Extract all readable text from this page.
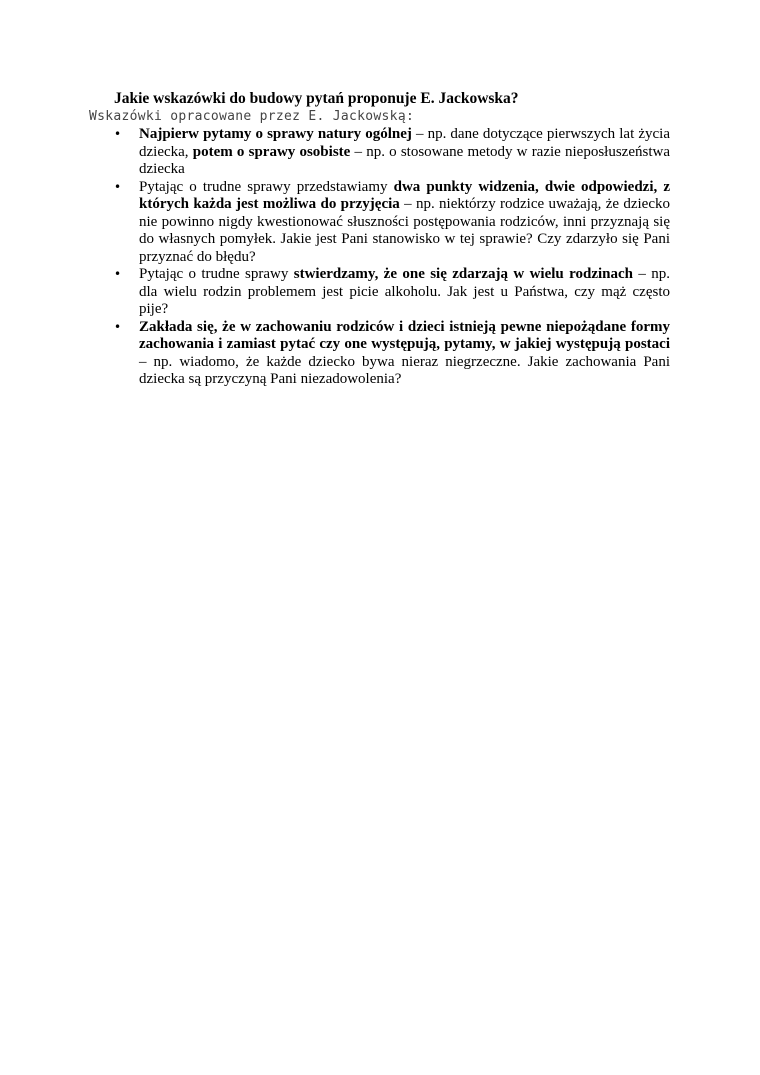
Jakie wskazówki do budowy pytań proponuje E. Jackowska?
Wskazówki opracowane przez E. Jackowską:
• Najpierw pytamy o sprawy natury ogólnej – np. dane dotyczące pierwszych lat życia dziecka, potem o sprawy osobiste – np. o stosowane metody w razie nieposłuszeństwa dziecka
• Pytając o trudne sprawy przedstawiamy dwa punkty widzenia, dwie odpowiedzi, z których każda jest możliwa do przyjęcia – np. niektórzy rodzice uważają, że dziecko nie powinno nigdy kwestionować słuszności postępowania rodziców, inni przyznają się do własnych pomyłek. Jakie jest Pani stanowisko w tej sprawie? Czy zdarzyło się Pani przyznać do błędu?
• Pytając o trudne sprawy stwierdzamy, że one się zdarzają w wielu rodzinach – np. dla wielu rodzin problemem jest picie alkoholu. Jak jest u Państwa, czy mąż często pije?
• Zakłada się, że w zachowaniu rodziców i dzieci istnieją pewne niepożądane formy zachowania i zamiast pytać czy one występują, pytamy, w jakiej występują postaci – np. wiadomo, że każde dziecko bywa nieraz niegrzeczne. Jakie zachowania Pani dziecka są przyczyną Pani niezadowolenia?
